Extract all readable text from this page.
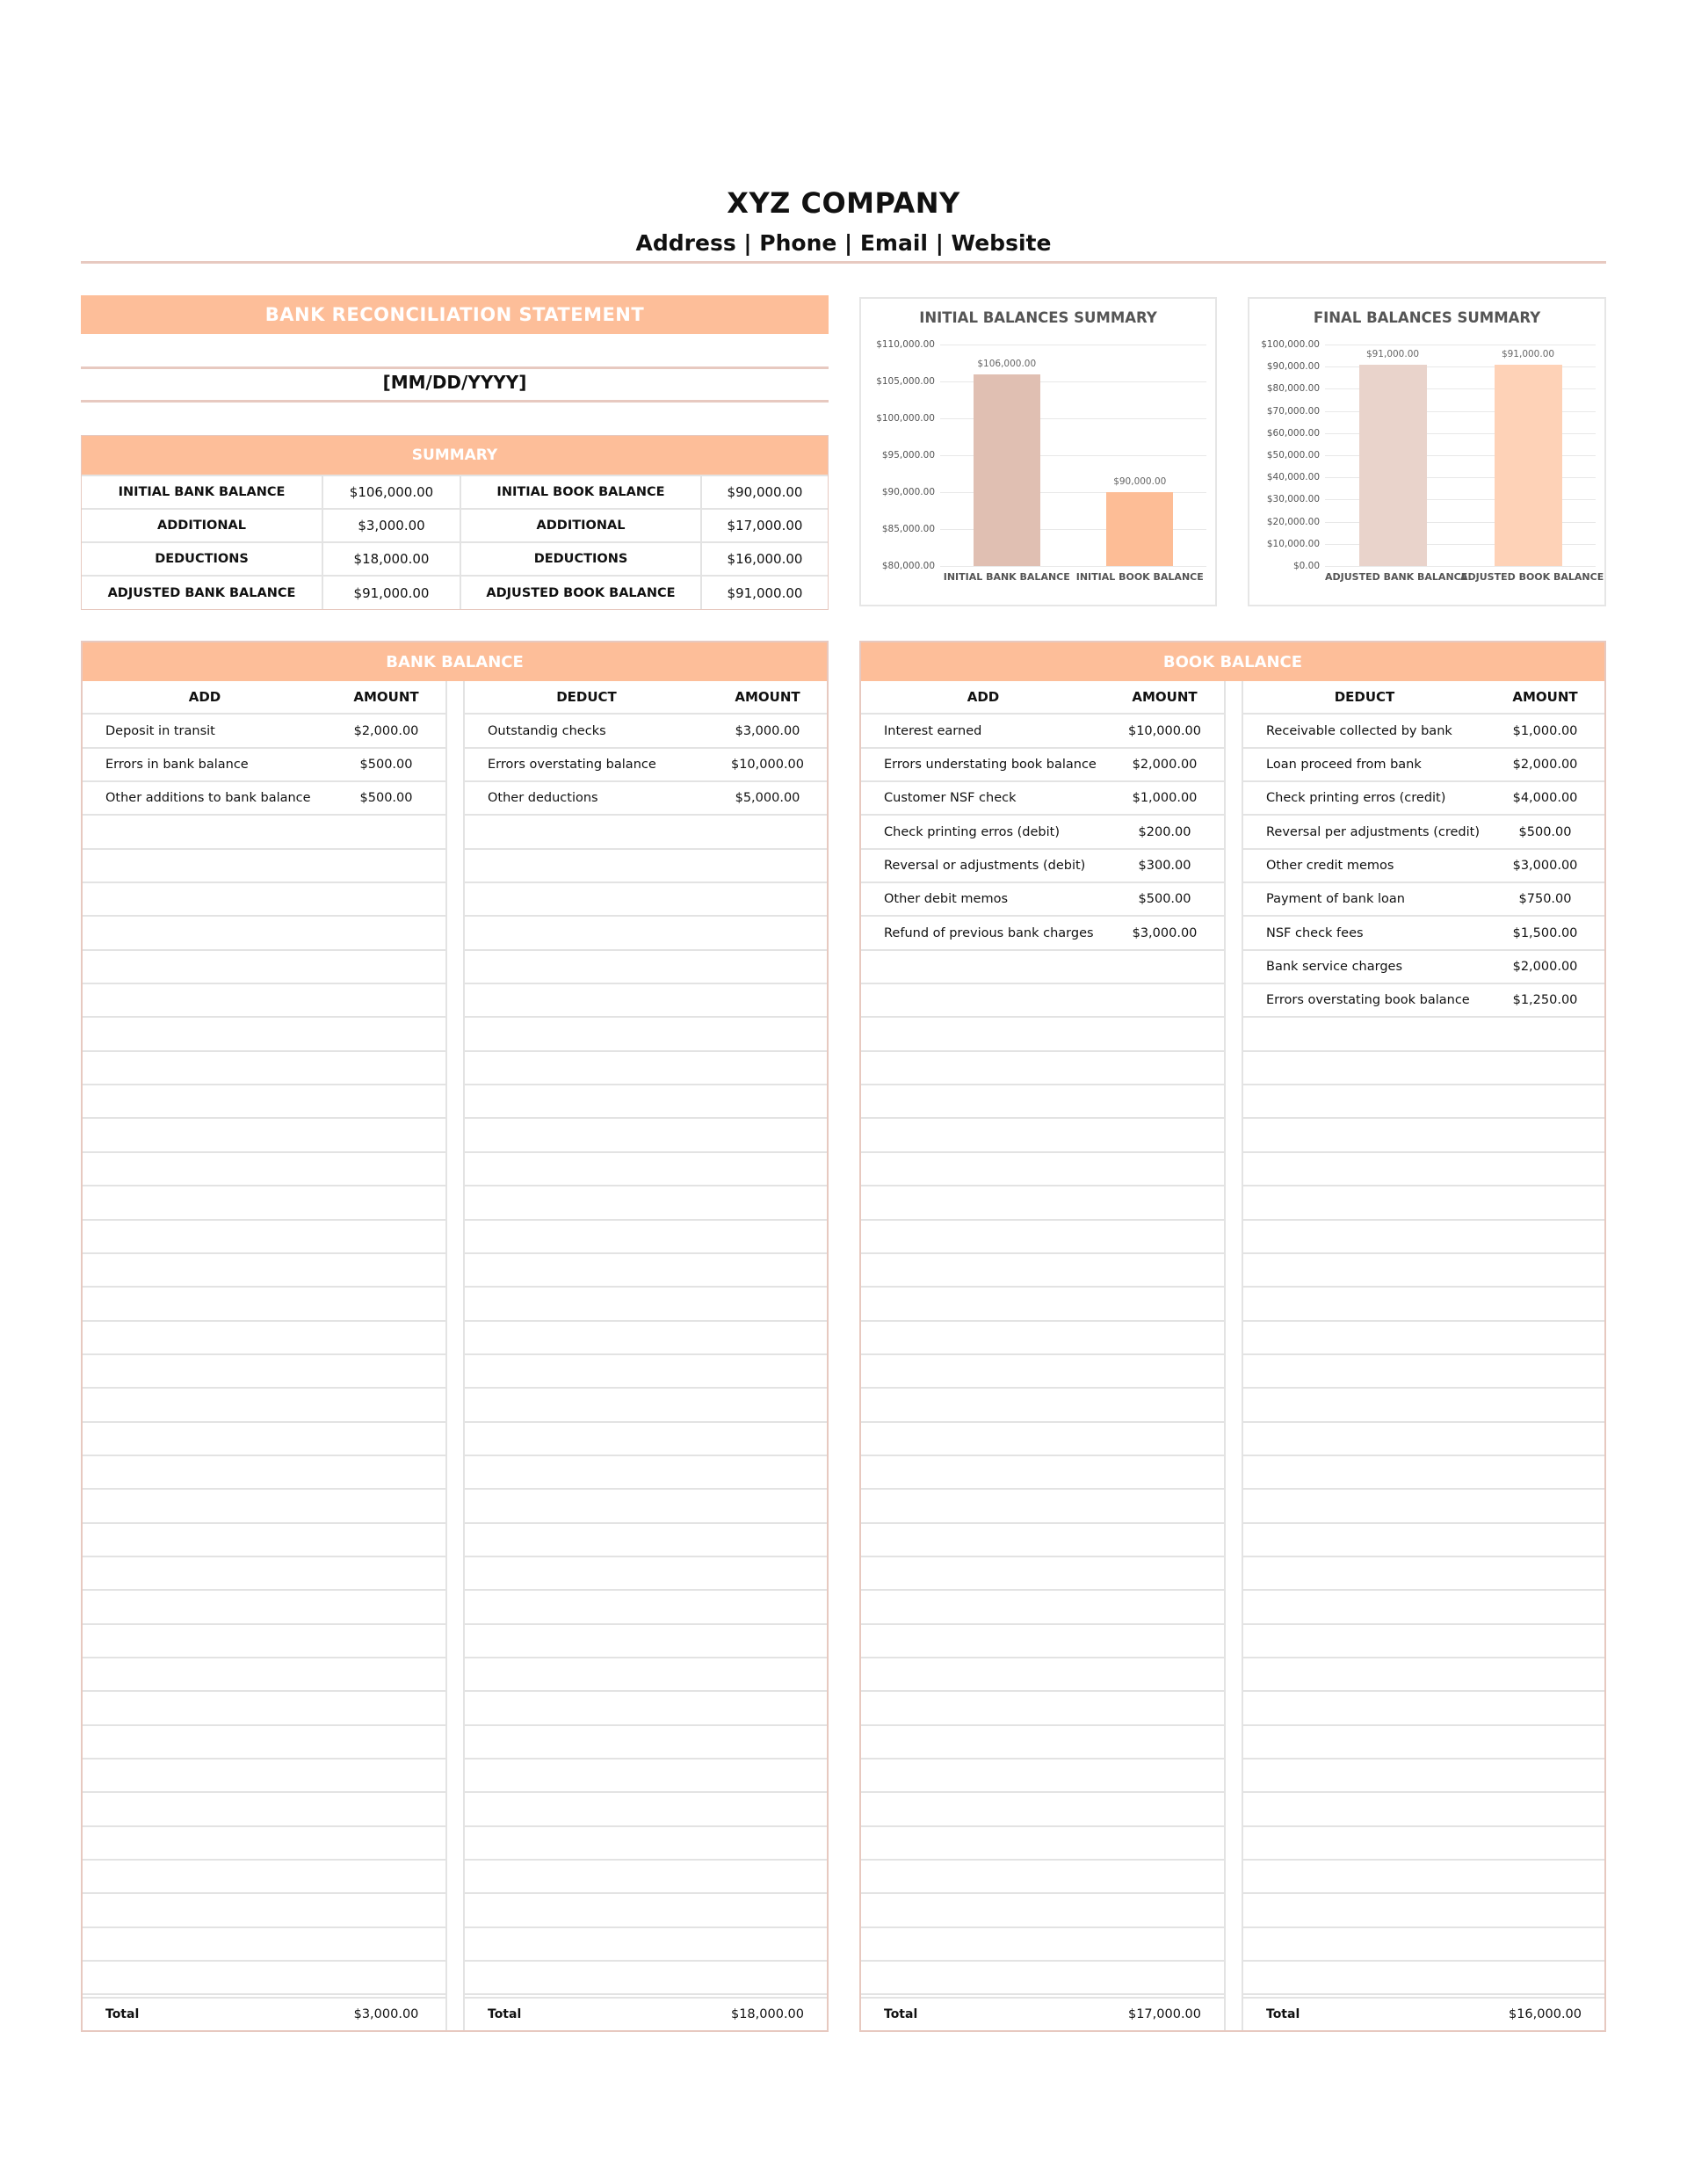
XYZ COMPANY
Address | Phone | Email | Website
BANK RECONCILIATION STATEMENT
[MM/DD/YYYY]
SUMMARY
INITIAL BANK BALANCE	$106,000.00	INITIAL BOOK BALANCE	$90,000.00
ADDITIONAL	$3,000.00	ADDITIONAL	$17,000.00
DEDUCTIONS	$18,000.00	DEDUCTIONS	$16,000.00
ADJUSTED BANK BALANCE	$91,000.00	ADJUSTED BOOK BALANCE	$91,000.00
INITIAL BALANCES SUMMARY
$106,000.00
$90,000.00
$110,000.00
$105,000.00
$100,000.00
$95,000.00
$90,000.00
$85,000.00
$80,000.00
INITIAL BANK BALANCE INITIAL BOOK BALANCE
FINAL BALANCES SUMMARY
$91,000.00	$91,000.00
$100,000.00
$90,000.00
$80,000.00
$70,000.00
$60,000.00
$50,000.00
$40,000.00
$30,000.00
$20,000.00
$10,000.00
$0.00
ADJUSTED BANK BALANCE
ADJUSTED BOOK BALANCE
BANK BALANCE
ADD	AMOUNT
Deposit in transit	$2,000.00
Errors in bank balance	$500.00
Other additions to bank balance	$500.00
Total	$3,000.00
DEDUCT	AMOUNT
Outstandig checks	$3,000.00
Errors overstating balance	$10,000.00
Other deductions	$5,000.00
Total	$18,000.00
BOOK BALANCE
ADD	AMOUNT
Interest earned	$10,000.00
Errors understating book balance	$2,000.00
Customer NSF check	$1,000.00
Check printing erros (debit)	$200.00
Reversal or adjustments (debit)	$300.00
Other debit memos	$500.00
Refund of previous bank charges	$3,000.00
Total	$17,000.00
DEDUCT	AMOUNT
Receivable collected by bank	$1,000.00
Loan proceed from bank	$2,000.00
Check printing erros (credit)	$4,000.00
Reversal per adjustments (credit)	$500.00
Other credit memos	$3,000.00
Payment of bank loan	$750.00
NSF check fees	$1,500.00
Bank service charges	$2,000.00
Errors overstating book balance	$1,250.00
Total	$16,000.00
